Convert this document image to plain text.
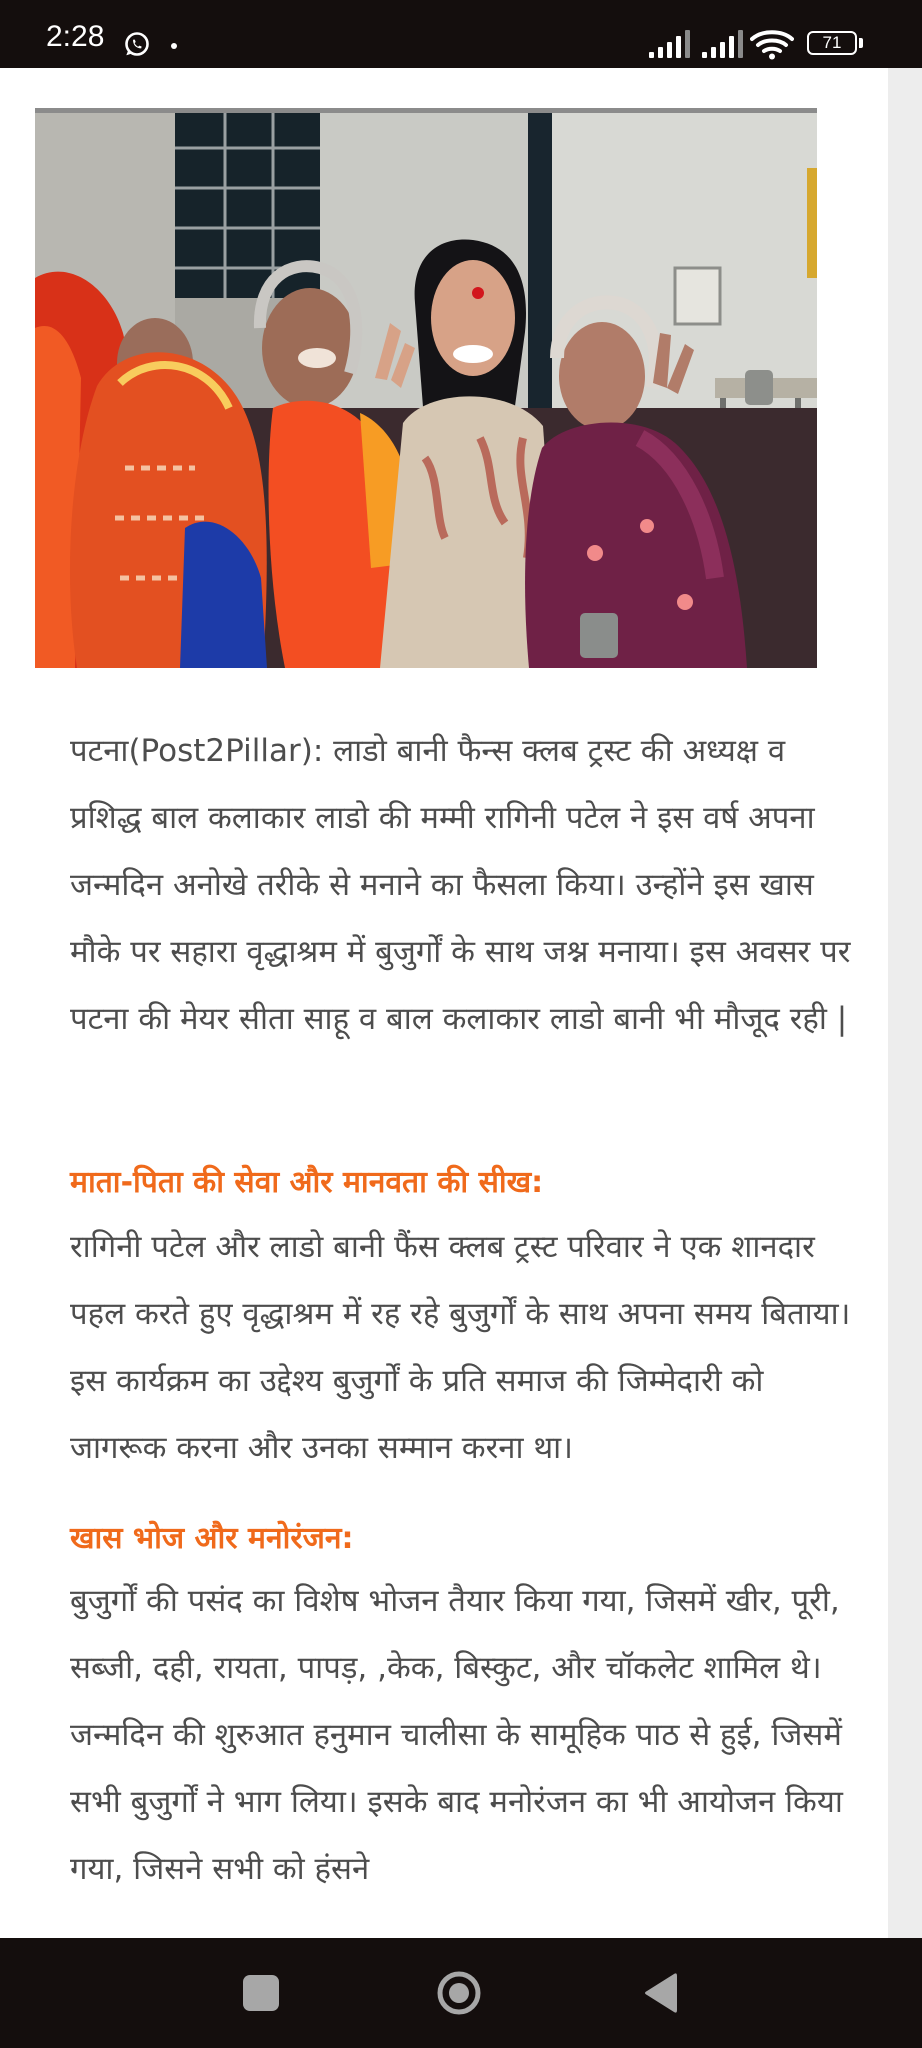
2:28	71

पटना(Post2Pillar): लाडो बानी फैन्स क्लब ट्रस्ट की अध्यक्ष व प्रशिद्ध बाल कलाकार लाडो की मम्मी रागिनी पटेल ने इस वर्ष अपना जन्मदिन अनोखे तरीके से मनाने का फैसला किया। उन्होंने इस खास मौके पर सहारा वृद्धाश्रम में बुजुर्गों के साथ जश्न मनाया। इस अवसर पर पटना की मेयर सीता साहू व बाल कलाकार लाडो बानी भी मौजूद रही |

माता-पिता की सेवा और मानवता की सीख:

रागिनी पटेल और लाडो बानी फैंस क्लब ट्रस्ट परिवार ने एक शानदार पहल करते हुए वृद्धाश्रम में रह रहे बुजुर्गों के साथ अपना समय बिताया। इस कार्यक्रम का उद्देश्य बुजुर्गों के प्रति समाज की जिम्मेदारी को जागरूक करना और उनका सम्मान करना था।

खास भोज और मनोरंजन:

बुजुर्गों की पसंद का विशेष भोजन तैयार किया गया, जिसमें खीर, पूरी, सब्जी, दही, रायता, पापड़, ,केक, बिस्कुट, और चॉकलेट शामिल थे। जन्मदिन की शुरुआत हनुमान चालीसा के सामूहिक पाठ से हुई, जिसमें सभी बुजुर्गों ने भाग लिया। इसके बाद मनोरंजन का भी आयोजन किया गया, जिसने सभी को हंसने
